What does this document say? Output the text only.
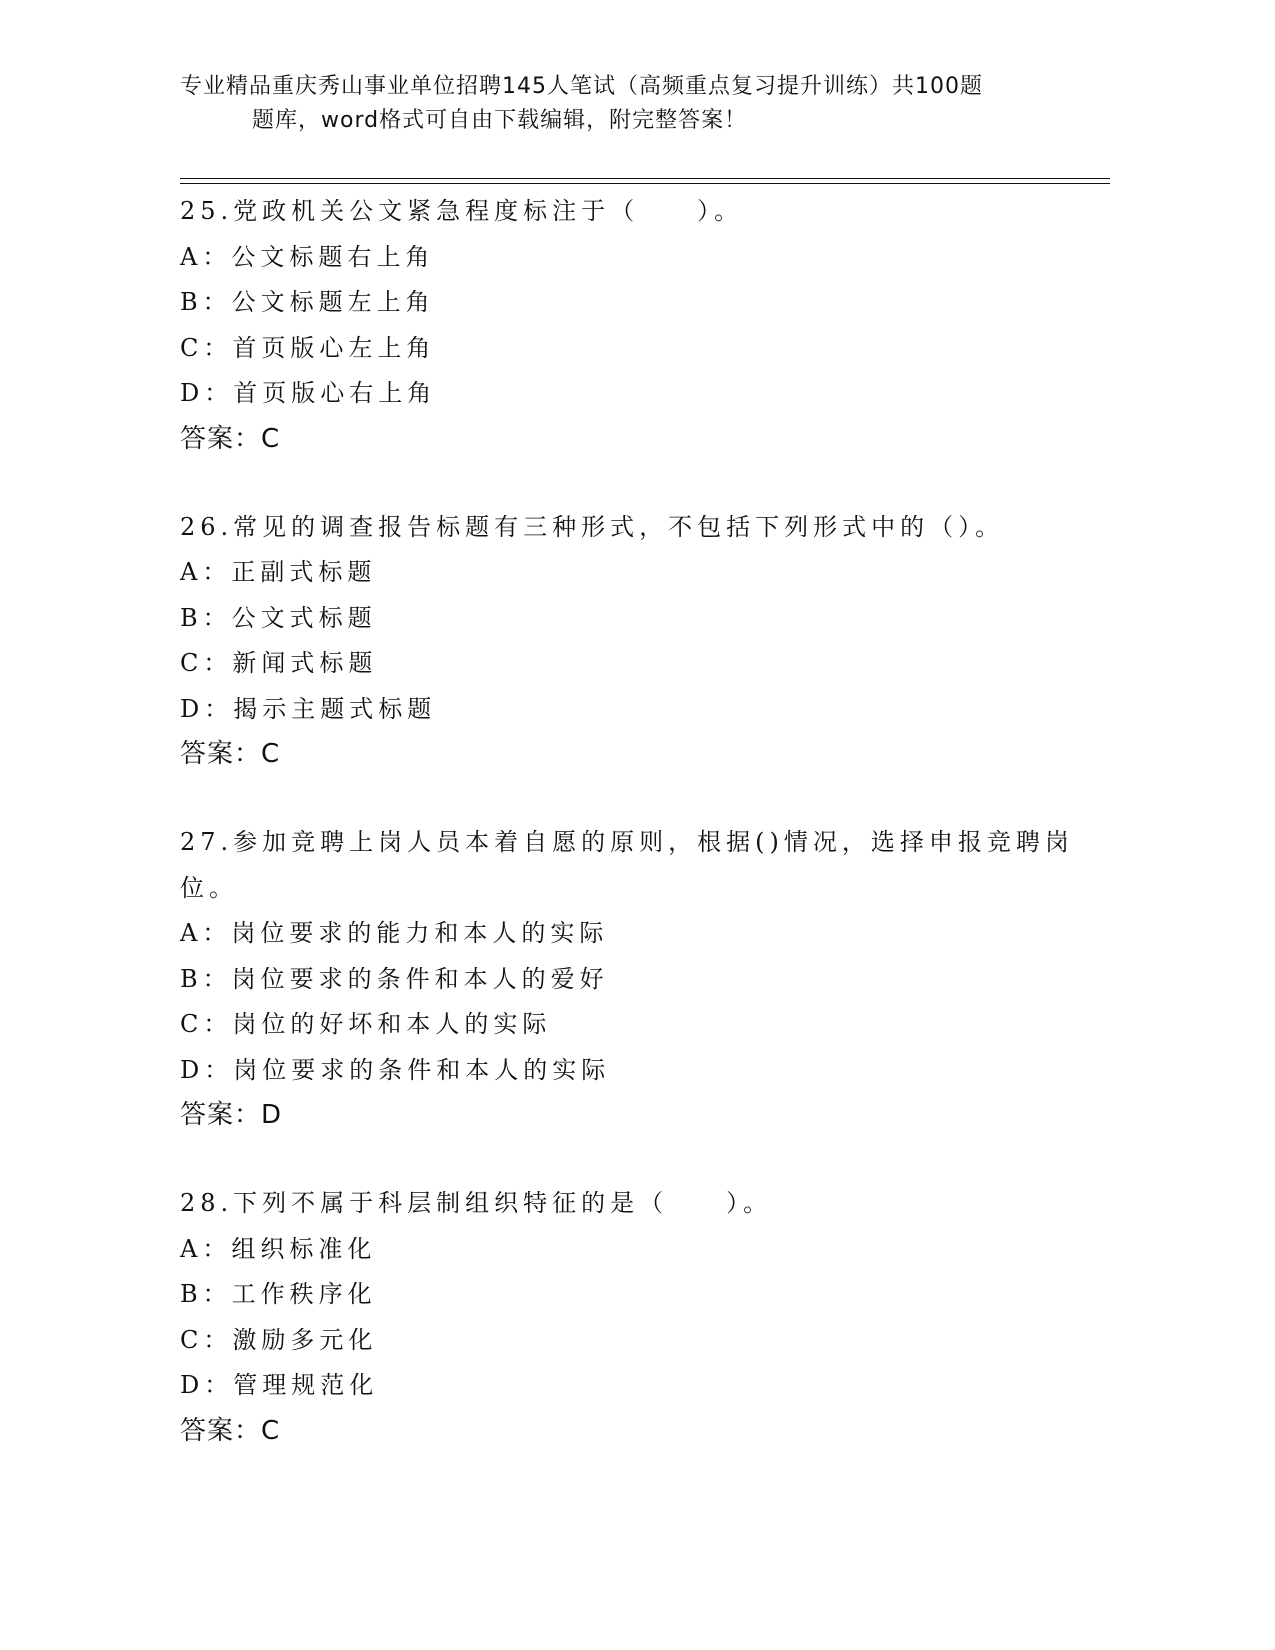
专业精品重庆秀山事业单位招聘145人笔试（高频重点复习提升训练）共100题
题库，word格式可自由下载编辑，附完整答案！
25.党政机关公文紧急程度标注于（　　）。
A：公文标题右上角
B：公文标题左上角
C：首页版心左上角
D：首页版心右上角
答案：C
26.常见的调查报告标题有三种形式，不包括下列形式中的（）。
A：正副式标题
B：公文式标题
C：新闻式标题
D：揭示主题式标题
答案：C
27.参加竞聘上岗人员本着自愿的原则，根据()情况，选择申报竞聘岗位。
A：岗位要求的能力和本人的实际
B：岗位要求的条件和本人的爱好
C：岗位的好坏和本人的实际
D：岗位要求的条件和本人的实际
答案：D
28.下列不属于科层制组织特征的是（　　）。
A：组织标准化
B：工作秩序化
C：激励多元化
D：管理规范化
答案：C
